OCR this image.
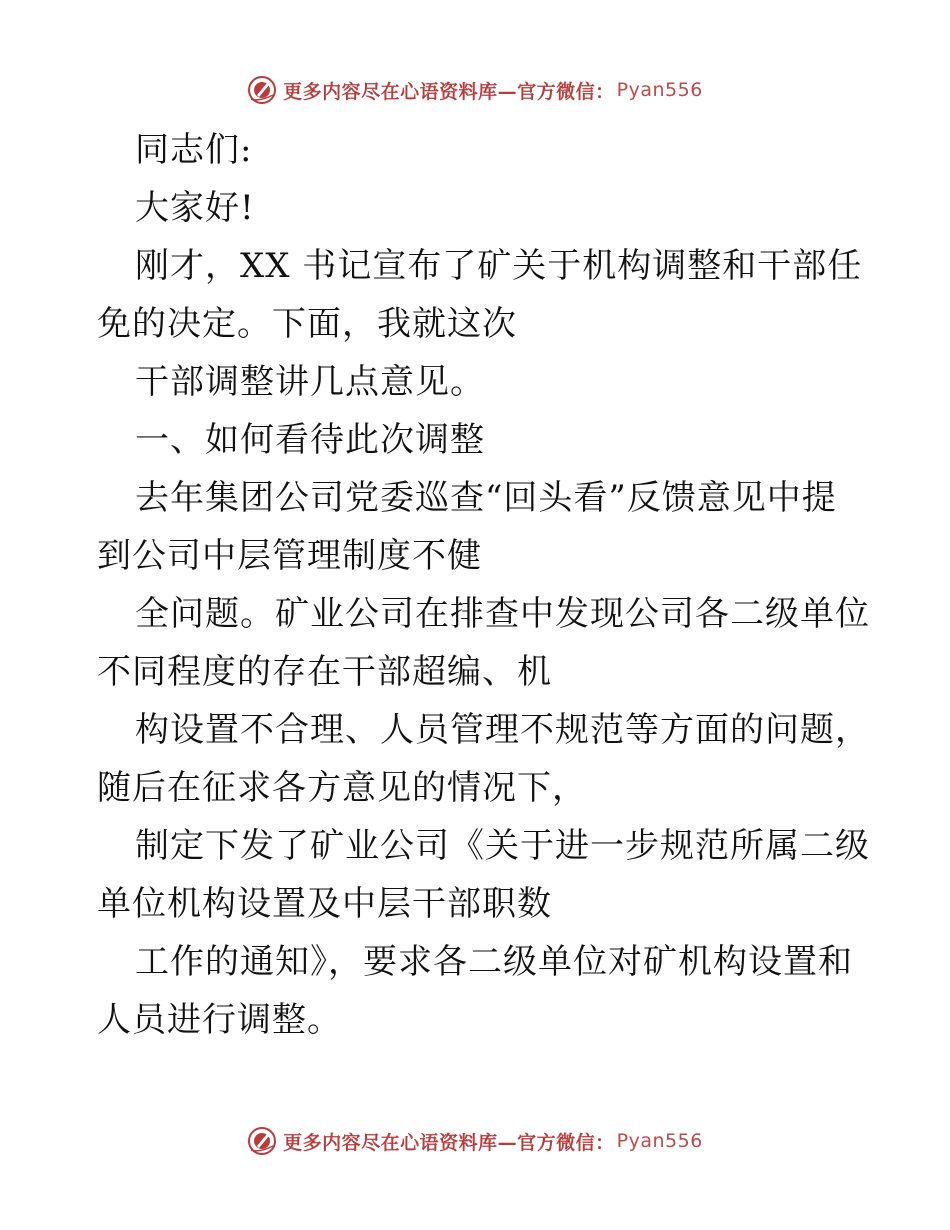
更多内容尽在心语资料库—官方微信： Pyan556
同志们:
大家好!
刚才，XX 书记宣布了矿关于机构调整和干部任
免的决定。下面，我就这次
干部调整讲几点意见。
一、如何看待此次调整
去年集团公司党委巡查“回头看”反馈意见中提
到公司中层管理制度不健
全问题。矿业公司在排查中发现公司各二级单位
不同程度的存在干部超编、机
构设置不合理、人员管理不规范等方面的问题，
随后在征求各方意见的情况下，
制定下发了矿业公司《关于进一步规范所属二级
单位机构设置及中层干部职数
工作的通知》，要求各二级单位对矿机构设置和
人员进行调整。
更多内容尽在心语资料库—官方微信： Pyan556
